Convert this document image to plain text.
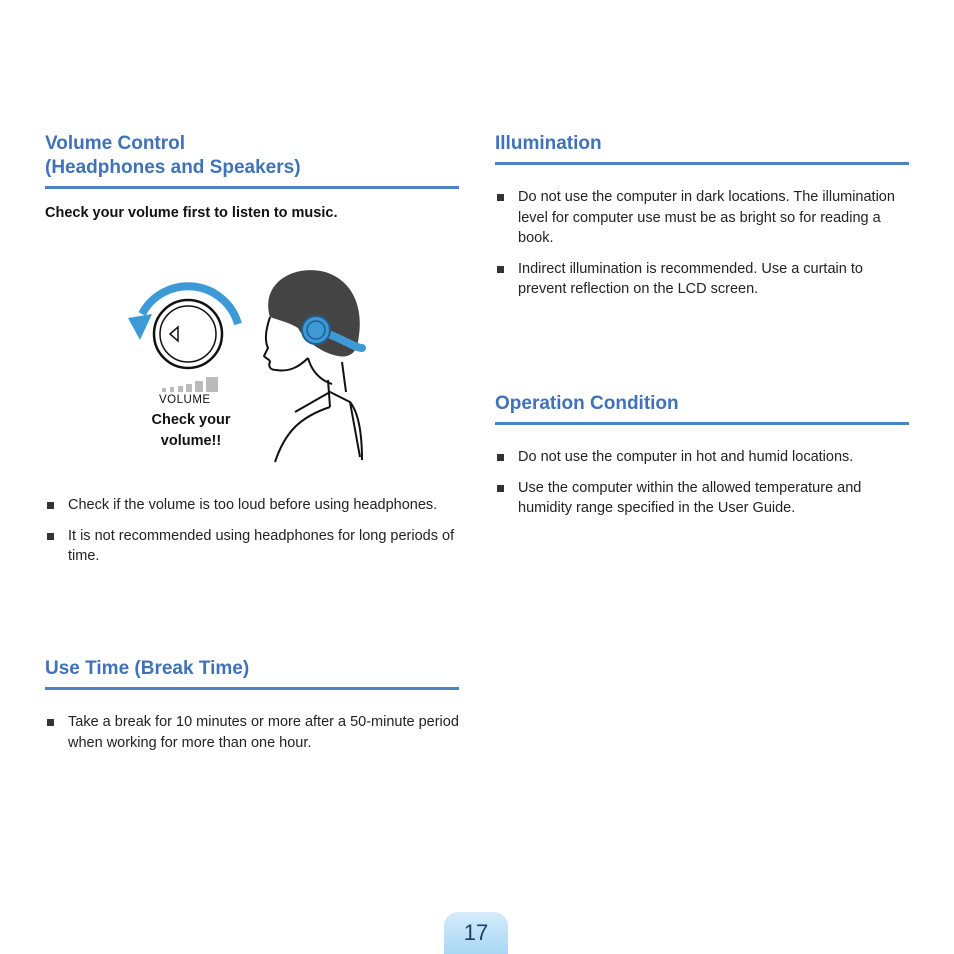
Volume Control
(Headphones and Speakers)
Check your volume first to listen to music.
VOLUME
Check your
volume!!
Check if the volume is too loud before using headphones.
It is not recommended using headphones for long periods of time.
Use Time (Break Time)
Take a break for 10 minutes or more after a 50-minute period when working for more than one hour.
Illumination
Do not use the computer in dark locations. The illumination level for computer use must be as bright so for reading a book.
Indirect illumination is recommended. Use a curtain to prevent reflection on the LCD screen.
Operation Condition
Do not use the computer in hot and humid locations.
Use the computer within the allowed temperature and humidity range specified in the User Guide.
17
